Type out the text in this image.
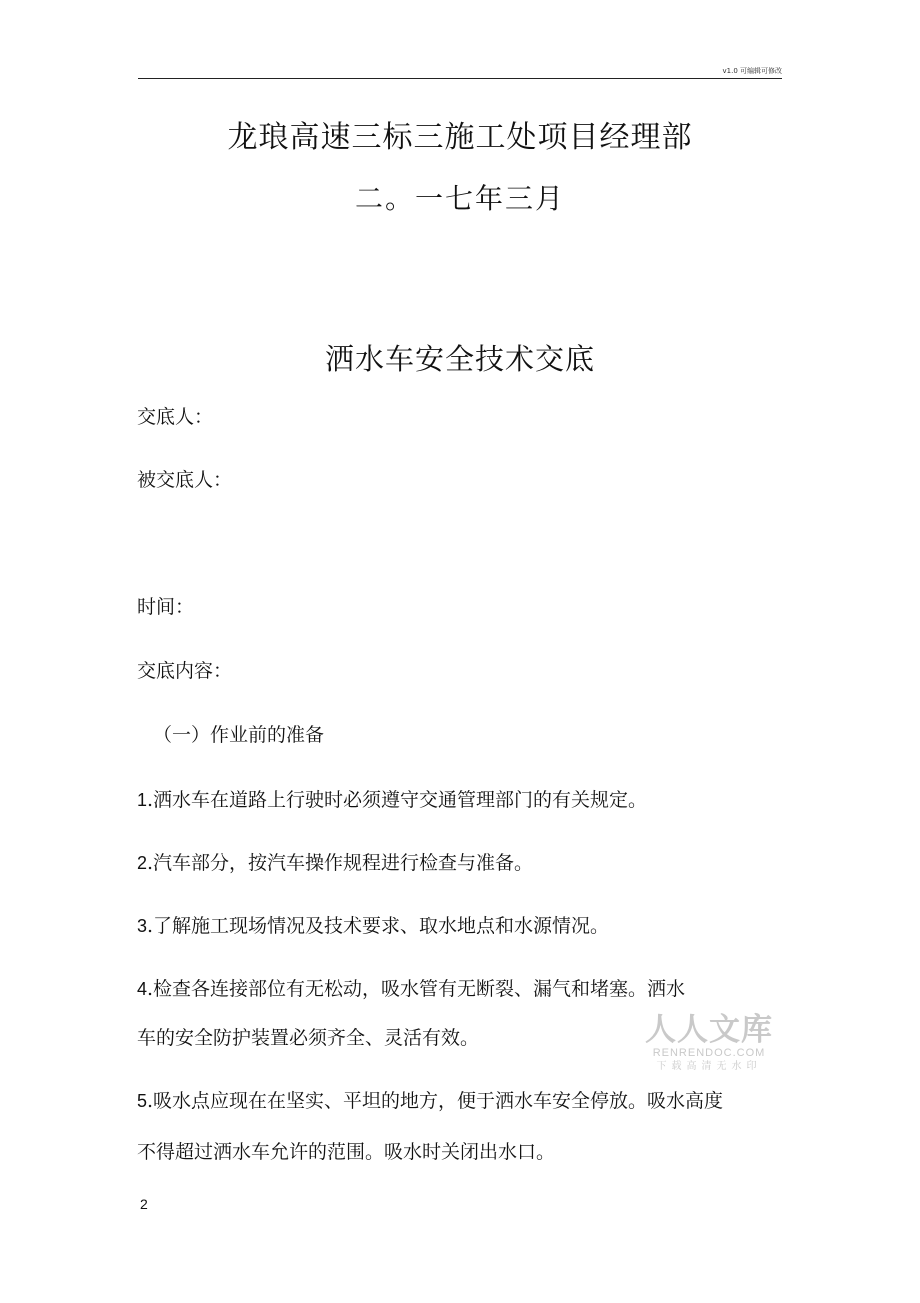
v1.0 可编辑可修改
龙琅高速三标三施工处项目经理部
二。一七年三月
洒水车安全技术交底
交底人：
被交底人：
时间：
交底内容：
（一）作业前的准备
1.洒水车在道路上行驶时必须遵守交通管理部门的有关规定。
2.汽车部分，按汽车操作规程进行检查与准备。
3.了解施工现场情况及技术要求、取水地点和水源情况。
4.检查各连接部位有无松动，吸水管有无断裂、漏气和堵塞。洒水
车的安全防护装置必须齐全、灵活有效。
5.吸水点应现在在坚实、平坦的地方，便于洒水车安全停放。吸水高度
不得超过洒水车允许的范围。吸水时关闭出水口。
人人文库
RENRENDOC.COM
下载高清无水印
2
